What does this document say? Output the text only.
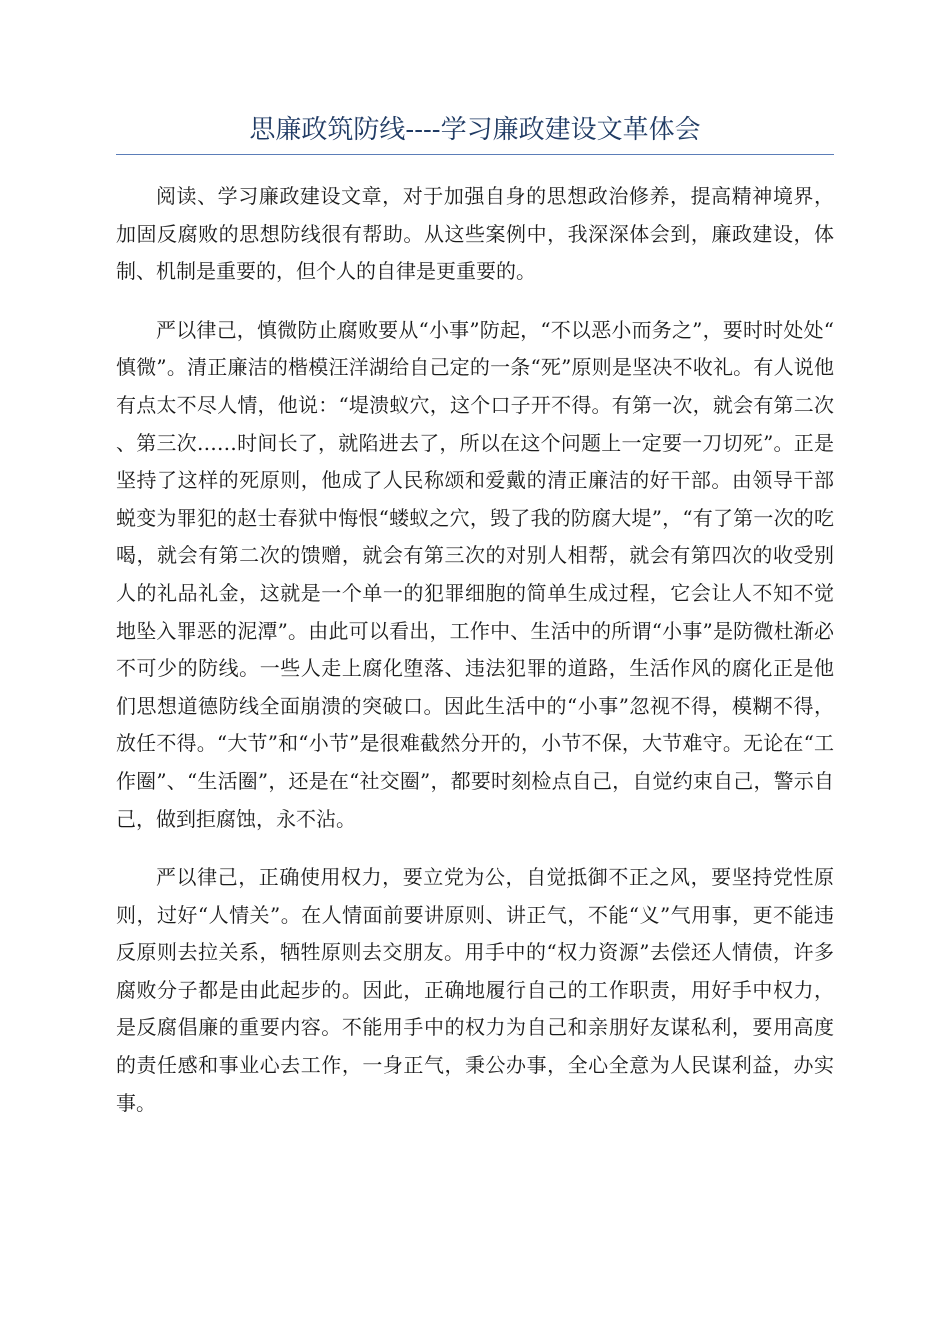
思廉政筑防线----学习廉政建设文革体会

阅读、学习廉政建设文章，对于加强自身的思想政治修养，提高精神境界，加固反腐败的思想防线很有帮助。从这些案例中，我深深体会到，廉政建设，体制、机制是重要的，但个人的自律是更重要的。

严以律己，慎微防止腐败要从“小事”防起，“不以恶小而务之”，要时时处处“慎微”。清正廉洁的楷模汪洋湖给自己定的一条“死”原则是坚决不收礼。有人说他有点太不尽人情，他说：“堤溃蚁穴，这个口子开不得。有第一次，就会有第二次、第三次……时间长了，就陷进去了，所以在这个问题上一定要一刀切死”。正是坚持了这样的死原则，他成了人民称颂和爱戴的清正廉洁的好干部。由领导干部蜕变为罪犯的赵士春狱中悔恨“蝼蚁之穴，毁了我的防腐大堤”，“有了第一次的吃喝，就会有第二次的馈赠，就会有第三次的对别人相帮，就会有第四次的收受别人的礼品礼金，这就是一个单一的犯罪细胞的简单生成过程，它会让人不知不觉地坠入罪恶的泥潭”。由此可以看出，工作中、生活中的所谓“小事”是防微杜渐必不可少的防线。一些人走上腐化堕落、违法犯罪的道路，生活作风的腐化正是他们思想道德防线全面崩溃的突破口。因此生活中的“小事”忽视不得，模糊不得，放任不得。“大节”和“小节”是很难截然分开的，小节不保，大节难守。无论在“工作圈”、“生活圈”，还是在“社交圈”，都要时刻检点自己，自觉约束自己，警示自己，做到拒腐蚀，永不沾。

严以律己，正确使用权力，要立党为公，自觉抵御不正之风，要坚持党性原则，过好“人情关”。在人情面前要讲原则、讲正气，不能“义”气用事，更不能违反原则去拉关系，牺牲原则去交朋友。用手中的“权力资源”去偿还人情债，许多腐败分子都是由此起步的。因此，正确地履行自己的工作职责，用好手中权力，是反腐倡廉的重要内容。不能用手中的权力为自己和亲朋好友谋私利，要用高度的责任感和事业心去工作，一身正气，秉公办事，全心全意为人民谋利益，办实事。
